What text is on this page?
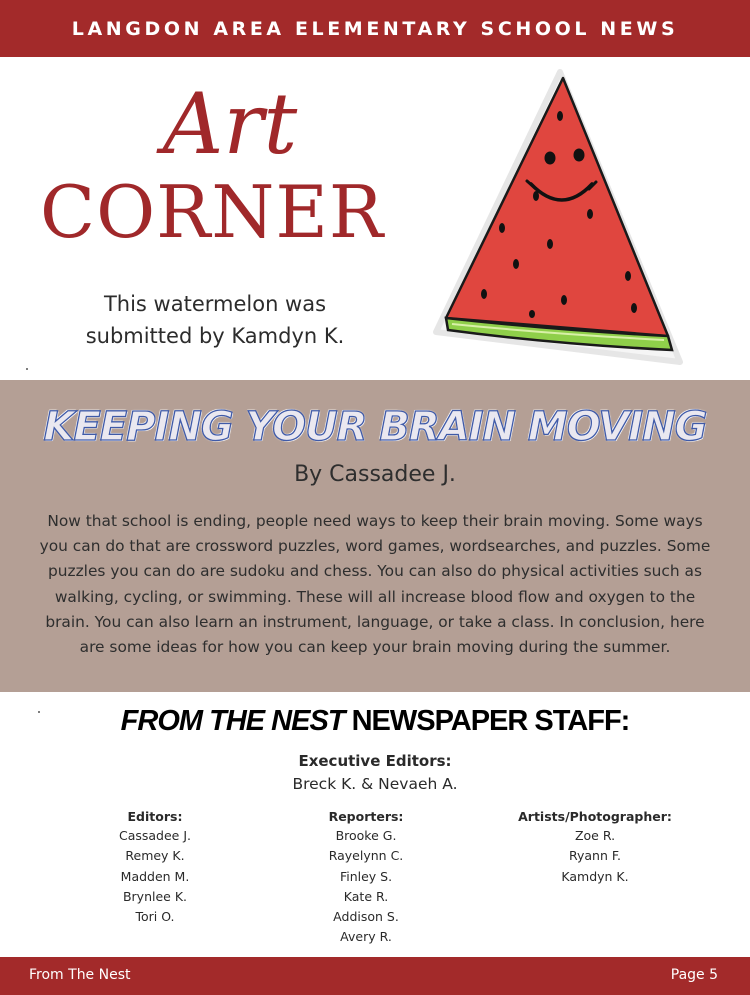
LANGDON AREA ELEMENTARY SCHOOL NEWS
Art
CORNER
This watermelon was submitted by Kamdyn K.
KEEPING YOUR BRAIN MOVING
By Cassadee J.
Now that school is ending, people need ways to keep their brain moving. Some ways you can do that are crossword puzzles, word games, wordsearches, and puzzles. Some puzzles you can do are sudoku and chess. You can also do physical activities such as walking, cycling, or swimming. These will all increase blood flow and oxygen to the brain. You can also learn an instrument, language, or take a class. In conclusion, here are some ideas for how you can keep your brain moving during the summer.
FROM THE NEST NEWSPAPER STAFF:
Executive Editors:
Breck K. & Nevaeh A.
Editors:
Cassadee J.
Remey K.
Madden M.
Brynlee K.
Tori O.
Reporters:
Brooke G.
Rayelynn C.
Finley S.
Kate R.
Addison S.
Avery R.
Artists/Photographer:
Zoe R.
Ryann F.
Kamdyn K.
From The Nest	Page 5
